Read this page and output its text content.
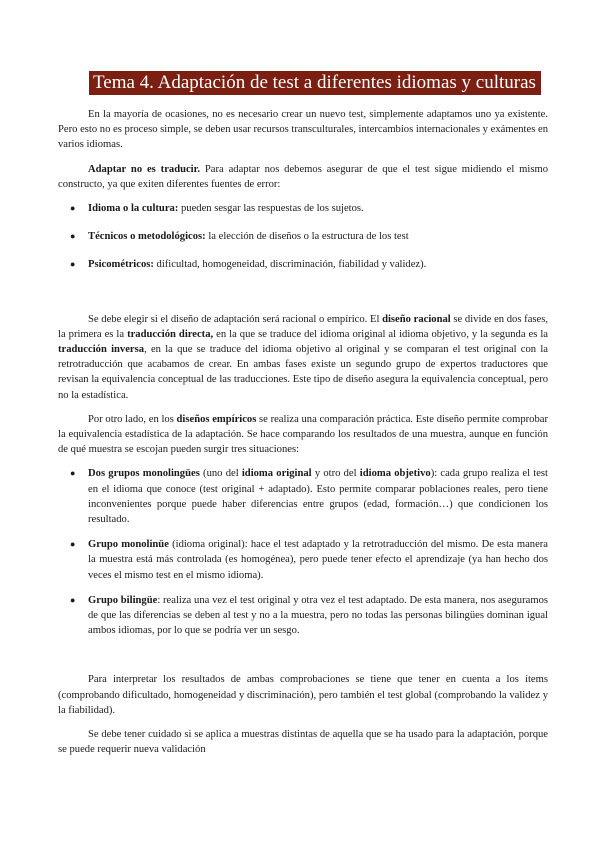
Tema 4. Adaptación de test a diferentes idiomas y culturas

En la mayoría de ocasiones, no es necesario crear un nuevo test, simplemente adaptamos uno ya existente. Pero esto no es proceso simple, se deben usar recursos transculturales, intercambios internacionales y exámentes en varios idiomas.

Adaptar no es traducir. Para adaptar nos debemos asegurar de que el test sigue midiendo el mismo constructo, ya que exiten diferentes fuentes de error:

● Idioma o la cultura: pueden sesgar las respuestas de los sujetos.
● Técnicos o metodológicos: la elección de diseños o la estructura de los test
● Psicométricos: dificultad, homogeneidad, discriminación, fiabilidad y validez).

Se debe elegir si el diseño de adaptación será racional o empírico. El diseño racional se divide en dos fases, la primera es la traducción directa, en la que se traduce del idioma original al idioma objetivo, y la segunda es la traducción inversa, en la que se traduce del idioma objetivo al original y se comparan el test original con la retrotraducción que acabamos de crear. En ambas fases existe un segundo grupo de expertos traductores que revisan la equivalencia conceptual de las traducciones. Este tipo de diseño asegura la equivalencia conceptual, pero no la estadística.

Por otro lado, en los diseños empíricos se realiza una comparación práctica. Este diseño permite comprobar la equivalencia estadística de la adaptación. Se hace comparando los resultados de una muestra, aunque en función de qué muestra se escojan pueden surgir tres situaciones:

● Dos grupos monolingües (uno del idioma original y otro del idioma objetivo): cada grupo realiza el test en el idioma que conoce (test original + adaptado). Esto permite comparar poblaciones reales, pero tiene inconvenientes porque puede haber diferencias entre grupos (edad, formación…) que condicionen los resultado.
● Grupo monolinüe (idioma original): hace el test adaptado y la retrotraducción del mismo. De esta manera la muestra está más controlada (es homogénea), pero puede tener efecto el aprendizaje (ya han hecho dos veces el mismo test en el mismo idioma).
● Grupo bilingüe: realiza una vez el test original y otra vez el test adaptado. De esta manera, nos aseguramos de que las diferencias se deben al test y no a la muestra, pero no todas las personas bilingües dominan igual ambos idiomas, por lo que se podría ver un sesgo.

Para interpretar los resultados de ambas comprobaciones se tiene que tener en cuenta a los ítems (comprobando dificultado, homogeneidad y discriminación), pero también el test global (comprobando la validez y la fiabilidad).

Se debe tener cuidado si se aplica a muestras distintas de aquella que se ha usado para la adaptación, porque se puede requerir nueva validación
